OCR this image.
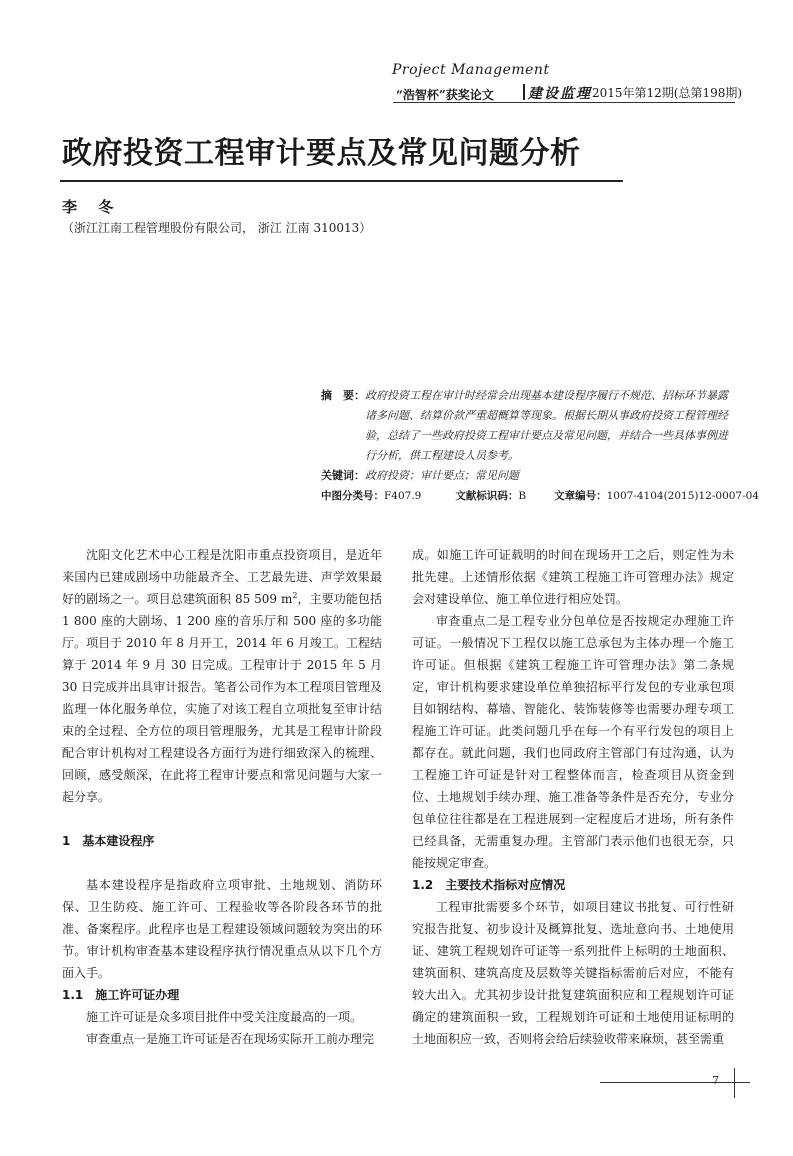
Project Management
“浩智杯”获奖论文 建设监理 2015年第12期(总第198期)
政府投资工程审计要点及常见问题分析
李 冬
（浙江江南工程管理股份有限公司， 浙江 江南 310013）
摘　要： 政府投资工程在审计时经常会出现基本建设程序履行不规范、招标环节暴露诸多问题、结算价款严重超概算等现象。根据长期从事政府投资工程管理经验，总结了一些政府投资工程审计要点及常见问题，并结合一些具体事例进行分析，供工程建设人员参考。
关键词： 政府投资；审计要点；常见问题
中图分类号： F407.9	文献标识码： B	文章编号： 1007-4104(2015)12-0007-04

沈阳文化艺术中心工程是沈阳市重点投资项目，是近年来国内已建成剧场中功能最齐全、工艺最先进、声学效果最好的剧场之一。项目总建筑面积 85 509 $m^2$，主要功能包括 1 800 座的大剧场、1 200 座的音乐厅和 500 座的多功能厅。项目于 2010 年 8 月开工，2014 年 6 月竣工。工程结算于 2014 年 9 月 30 日完成。工程审计于 2015 年 5 月 30 日完成并出具审计报告。笔者公司作为本工程项目管理及监理一体化服务单位，实施了对该工程自立项批复至审计结束的全过程、全方位的项目管理服务，尤其是工程审计阶段配合审计机构对工程建设各方面行为进行细致深入的梳理、回顾，感受颇深，在此将工程审计要点和常见问题与大家一起分享。

1　基本建设程序

基本建设程序是指政府立项审批、土地规划、消防环保、卫生防疫、施工许可、工程验收等各阶段各环节的批准、备案程序。此程序也是工程建设领域问题较为突出的环节。审计机构审查基本建设程序执行情况重点从以下几个方面入手。

1.1　施工许可证办理

施工许可证是众多项目批件中受关注度最高的一项。

审查重点一是施工许可证是否在现场实际开工前办理完

成。如施工许可证载明的时间在现场开工之后，则定性为未批先建。上述情形依据《建筑工程施工许可管理办法》规定会对建设单位、施工单位进行相应处罚。

审查重点二是工程专业分包单位是否按规定办理施工许可证。一般情况下工程仅以施工总承包为主体办理一个施工许可证。但根据《建筑工程施工许可管理办法》第二条规定，审计机构要求建设单位单独招标平行发包的专业承包项目如钢结构、幕墙、智能化、装饰装修等也需要办理专项工程施工许可证。此类问题几乎在每一个有平行发包的项目上都存在。就此问题，我们也同政府主管部门有过沟通，认为工程施工许可证是针对工程整体而言，检查项目从资金到位、土地规划手续办理、施工准备等条件是否充分，专业分包单位往往都是在工程进展到一定程度后才进场，所有条件已经具备，无需重复办理。主管部门表示他们也很无奈，只能按规定审查。

1.2　主要技术指标对应情况

工程审批需要多个环节，如项目建议书批复、可行性研究报告批复、初步设计及概算批复、选址意向书、土地使用证、建筑工程规划许可证等一系列批件上标明的土地面积、建筑面积、建筑高度及层数等关键指标需前后对应，不能有较大出入。尤其初步设计批复建筑面积应和工程规划许可证确定的建筑面积一致，工程规划许可证和土地使用证标明的土地面积应一致，否则将会给后续验收带来麻烦，甚至需重

7
